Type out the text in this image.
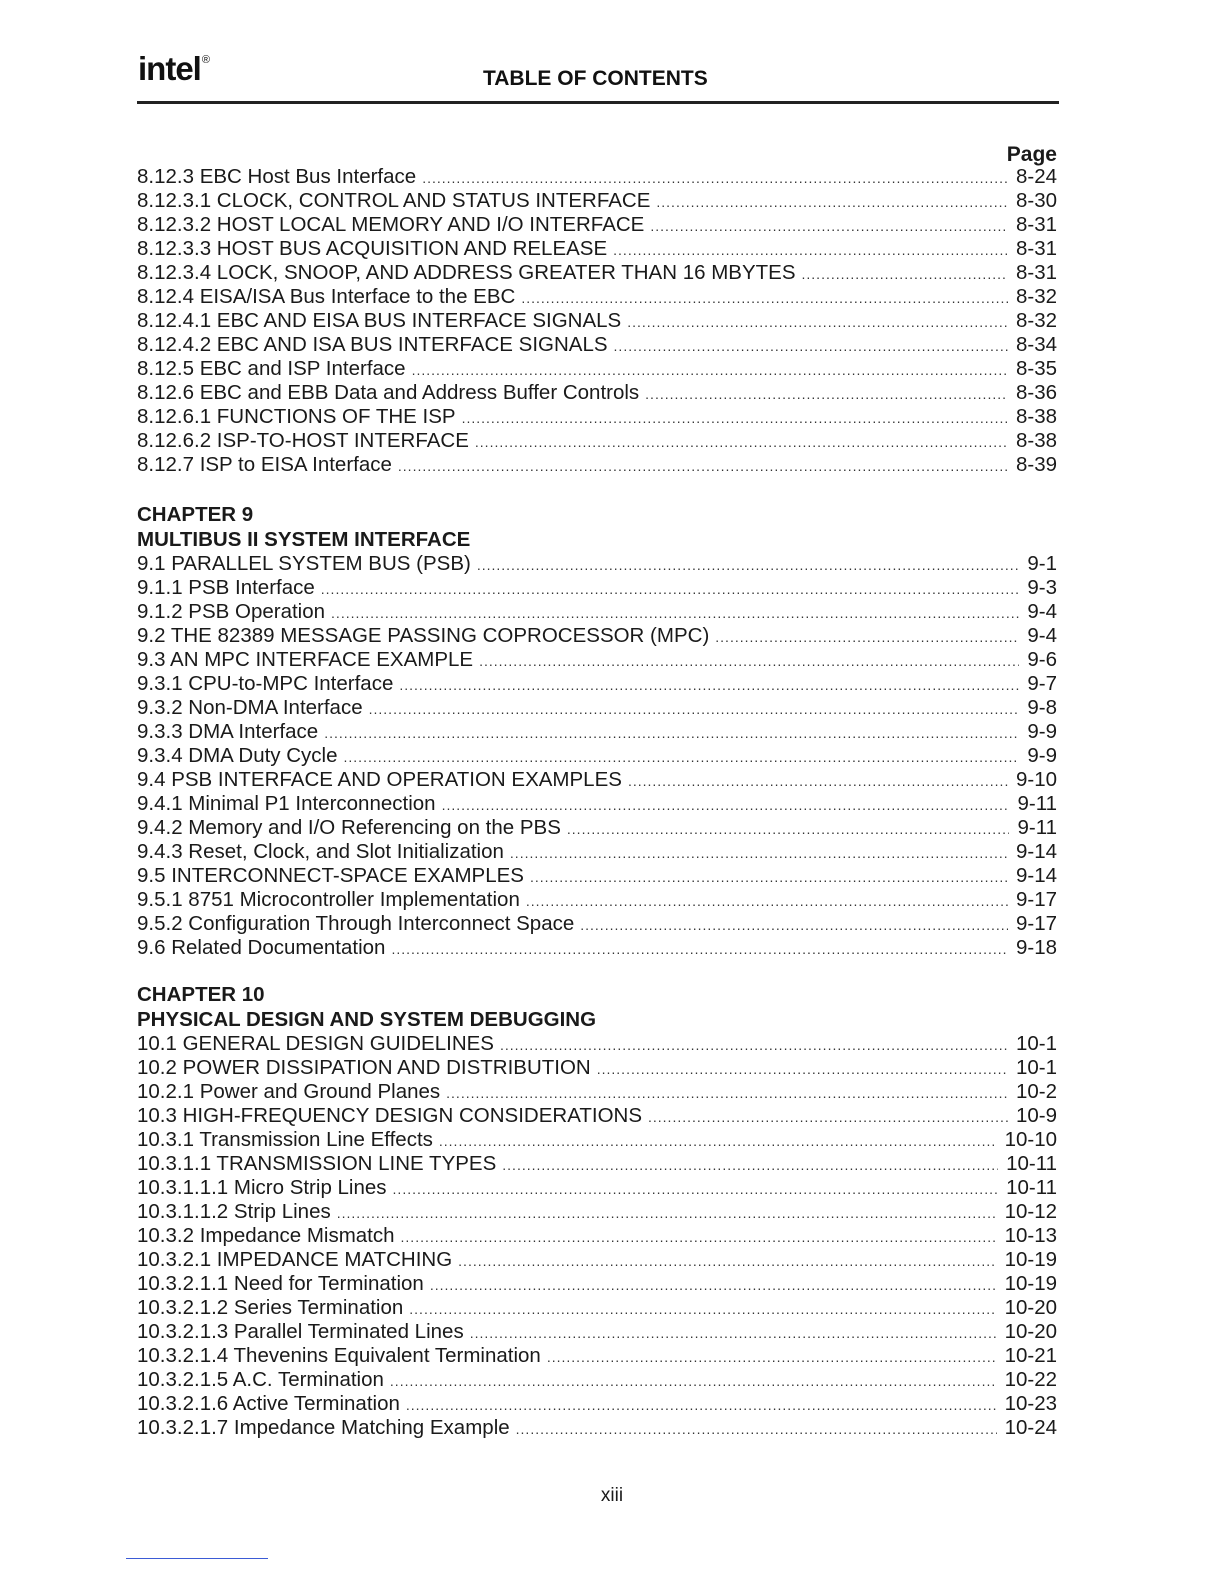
intel®
TABLE OF CONTENTS
Page
8.12.3 EBC Host Bus Interface .....	8-24
8.12.3.1 CLOCK, CONTROL AND STATUS INTERFACE .....	8-30
8.12.3.2 HOST LOCAL MEMORY AND I/O INTERFACE .....	8-31
8.12.3.3 HOST BUS ACQUISITION AND RELEASE .....	8-31
8.12.3.4 LOCK, SNOOP, AND ADDRESS GREATER THAN 16 MBYTES .....	8-31
8.12.4 EISA/ISA Bus Interface to the EBC .....	8-32
8.12.4.1 EBC AND EISA BUS INTERFACE SIGNALS .....	8-32
8.12.4.2 EBC AND ISA BUS INTERFACE SIGNALS .....	8-34
8.12.5 EBC and ISP Interface .....	8-35
8.12.6 EBC and EBB Data and Address Buffer Controls .....	8-36
8.12.6.1 FUNCTIONS OF THE ISP .....	8-38
8.12.6.2 ISP-TO-HOST INTERFACE .....	8-38
8.12.7 ISP to EISA Interface .....	8-39
CHAPTER 9
MULTIBUS II SYSTEM INTERFACE
9.1 PARALLEL SYSTEM BUS (PSB) .....	9-1
9.1.1 PSB Interface .....	9-3
9.1.2 PSB Operation .....	9-4
9.2 THE 82389 MESSAGE PASSING COPROCESSOR (MPC) .....	9-4
9.3 AN MPC INTERFACE EXAMPLE .....	9-6
9.3.1 CPU-to-MPC Interface .....	9-7
9.3.2 Non-DMA Interface .....	9-8
9.3.3 DMA Interface .....	9-9
9.3.4 DMA Duty Cycle .....	9-9
9.4 PSB INTERFACE AND OPERATION EXAMPLES .....	9-10
9.4.1 Minimal P1 Interconnection .....	9-11
9.4.2 Memory and I/O Referencing on the PBS .....	9-11
9.4.3 Reset, Clock, and Slot Initialization .....	9-14
9.5 INTERCONNECT-SPACE EXAMPLES .....	9-14
9.5.1 8751 Microcontroller Implementation .....	9-17
9.5.2 Configuration Through Interconnect Space .....	9-17
9.6 Related Documentation .....	9-18
CHAPTER 10
PHYSICAL DESIGN AND SYSTEM DEBUGGING
10.1 GENERAL DESIGN GUIDELINES .....	10-1
10.2 POWER DISSIPATION AND DISTRIBUTION .....	10-1
10.2.1 Power and Ground Planes .....	10-2
10.3 HIGH-FREQUENCY DESIGN CONSIDERATIONS .....	10-9
10.3.1 Transmission Line Effects .....	10-10
10.3.1.1 TRANSMISSION LINE TYPES .....	10-11
10.3.1.1.1 Micro Strip Lines .....	10-11
10.3.1.1.2 Strip Lines .....	10-12
10.3.2 Impedance Mismatch .....	10-13
10.3.2.1 IMPEDANCE MATCHING .....	10-19
10.3.2.1.1 Need for Termination .....	10-19
10.3.2.1.2 Series Termination .....	10-20
10.3.2.1.3 Parallel Terminated Lines .....	10-20
10.3.2.1.4 Thevenins Equivalent Termination .....	10-21
10.3.2.1.5 A.C. Termination .....	10-22
10.3.2.1.6 Active Termination .....	10-23
10.3.2.1.7 Impedance Matching Example .....	10-24
xiii
